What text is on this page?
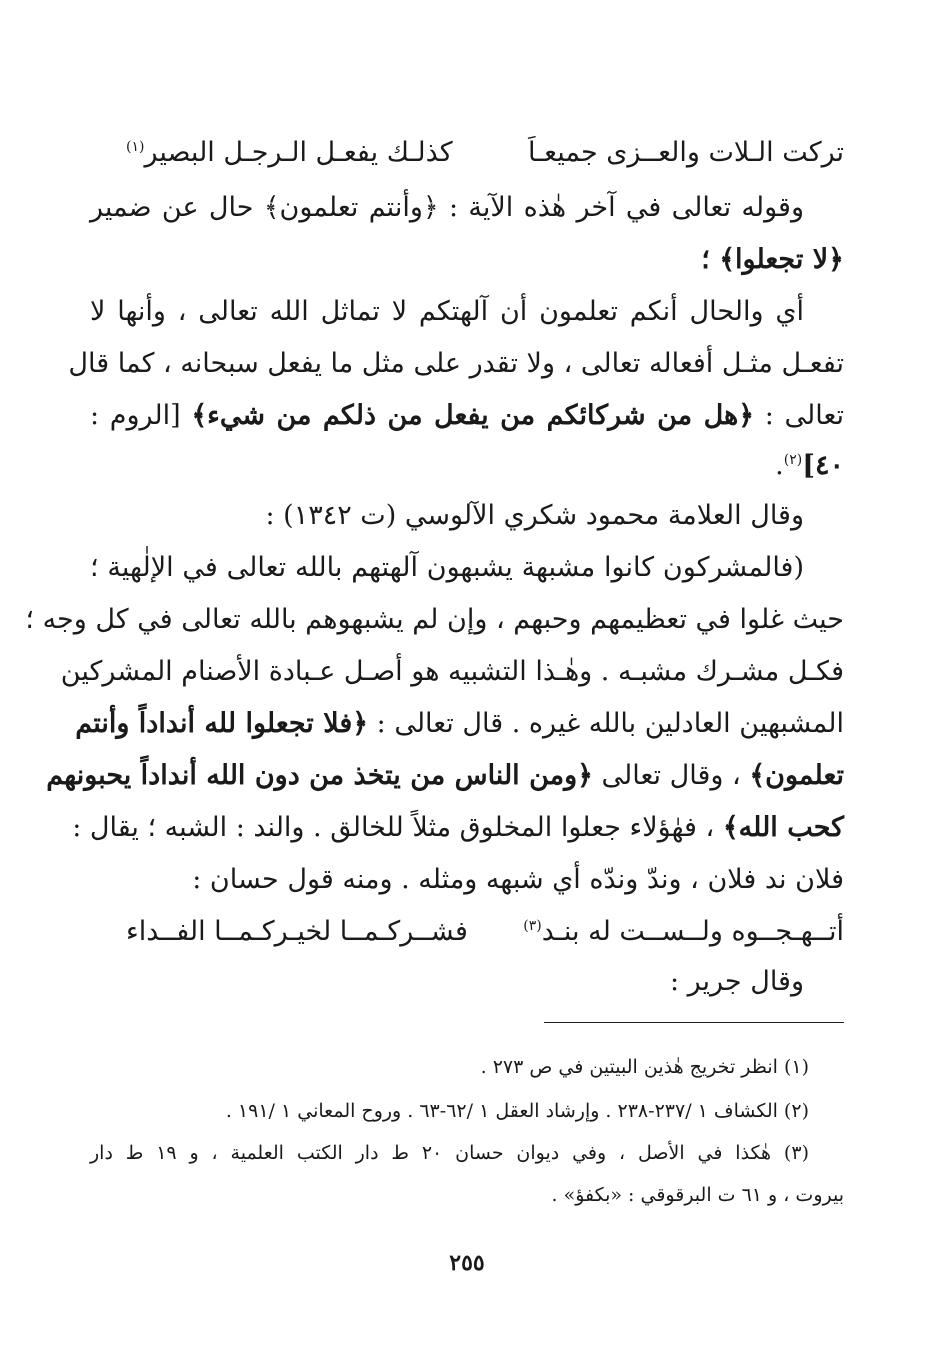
تركت الـلات والعــزى جميعـاَ
كذلـك يفعـل الـرجـل البصير$^{(١)}$
وقوله تعالى في آخر هٰذه الآية : ﴿وأنتم تعلمون﴾ حال عن ضمير
﴿لا تجعلوا﴾ ؛
أي والحال أنكم تعلمون أن آلهتكم لا تماثل الله تعالى ، وأنها لا
تفعـل مثـل أفعاله تعالى ، ولا تقدر على مثل ما يفعل سبحانه ، كما قال
تعالى : ﴿هل من شركائكم من يفعل من ذلكم من شيء﴾ [الروم :
٤٠]$^{(٢)}$.
وقال العلامة محمود شكري الآلوسي (ت ١٣٤٢) :
(فالمشركون كانوا مشبهة يشبهون آلهتهم بالله تعالى في الإلٰهية ؛
حيث غلوا في تعظيمهم وحبهم ، وإن لم يشبهوهم بالله تعالى في كل وجه ؛
فكـل مشـرك مشبـه . وهٰـذا التشبيه هو أصـل عـبادة الأصنام المشركين
المشبهين العادلين بالله غيره . قال تعالى : ﴿فلا تجعلوا لله أنداداً وأنتم
تعلمون﴾ ، وقال تعالى ﴿ومن الناس من يتخذ من دون الله أنداداً يحبونهم
كحب الله﴾ ، فهٰؤلاء جعلوا المخلوق مثلاً للخالق . والند : الشبه ؛ يقال :
فلان ند فلان ، وندّ وندّه أي شبهه ومثله . ومنه قول حسان :
أتــهـجــوه ولــســت له بنـد$^{(٣)}$
فشــركـمــا لخيـركـمــا الفــداء
وقال جرير :
(١) انظر تخريج هٰذين البيتين في ص ٢٧٣ .
(٢) الكشاف ١ /٢٣٧-٢٣٨ . وإرشاد العقل ١ /٦٢-٦٣ . وروح المعاني ١ /١٩١ .
(٣) هٰكذا في الأصل ، وفي ديوان حسان ٢٠ ط دار الكتب العلمية ، و ١٩ ط دار
بيروت ، و ٦١ ت البرقوقي : «بكفؤ» .
٢٥٥
